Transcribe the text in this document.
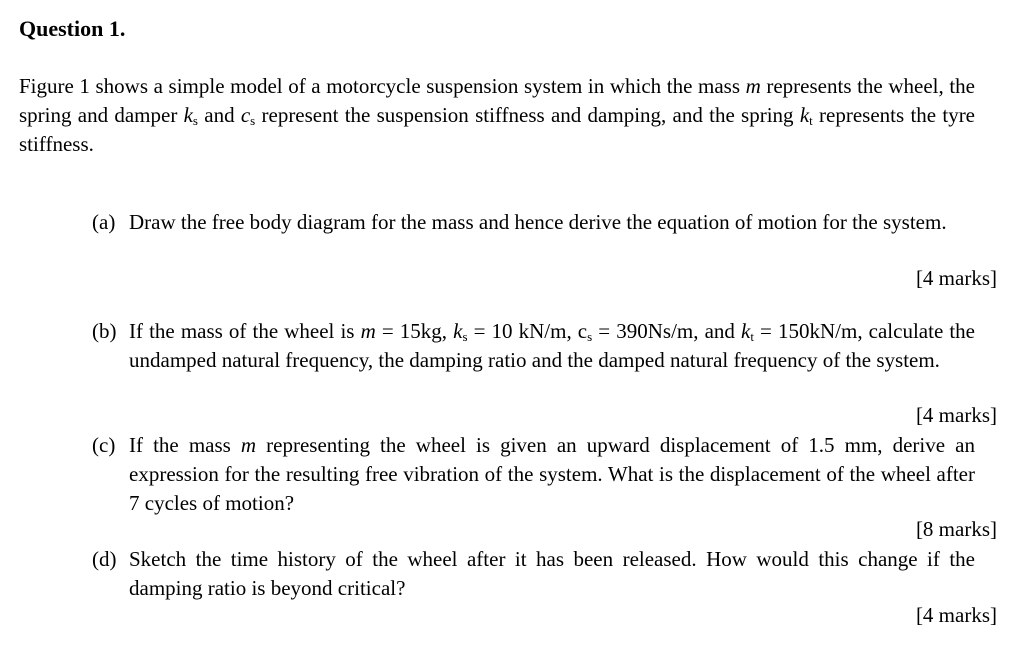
Question 1.
Figure 1 shows a simple model of a motorcycle suspension system in which the mass m represents the wheel, the spring and damper $k_s$ and $c_s$ represent the suspension stiffness and damping, and the spring $k_t$ represents the tyre stiffness.
(a) Draw the free body diagram for the mass and hence derive the equation of motion for the system.
[4 marks]
(b) If the mass of the wheel is m = 15kg, $k_s = 10$ kN/m, $c_s = 390Ns/m$, and $k_t = 150kN/m$, calculate the undamped natural frequency, the damping ratio and the damped natural frequency of the system.
[4 marks]
(c) If the mass m representing the wheel is given an upward displacement of 1.5 mm, derive an expression for the resulting free vibration of the system. What is the displacement of the wheel after 7 cycles of motion?
[8 marks]
(d) Sketch the time history of the wheel after it has been released. How would this change if the damping ratio is beyond critical?
[4 marks]
